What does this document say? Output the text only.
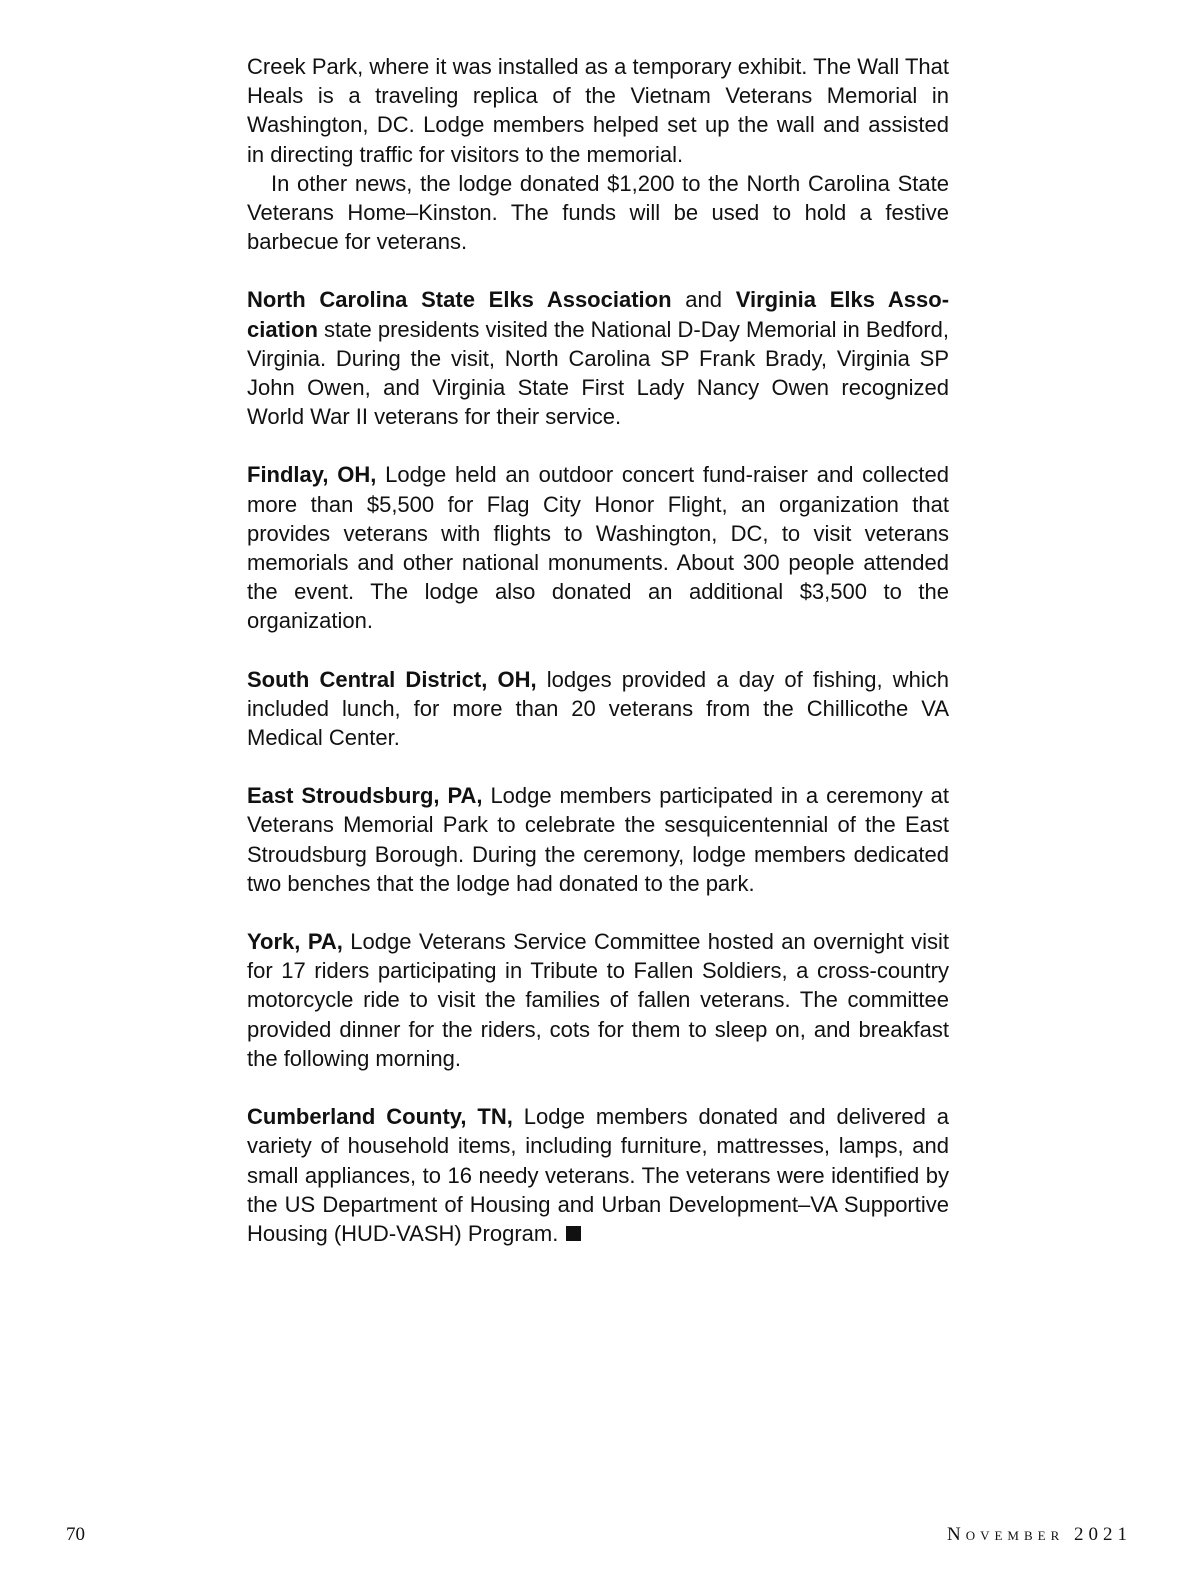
Creek Park, where it was installed as a temporary exhibit. The Wall That Heals is a traveling replica of the Vietnam Veterans Memorial in Washington, DC. Lodge members helped set up the wall and assisted in directing traffic for visitors to the memorial.

In other news, the lodge donated $1,200 to the North Carolina State Veterans Home–Kinston. The funds will be used to hold a festive barbecue for veterans.

North Carolina State Elks Association and Virginia Elks Association state presidents visited the National D-Day Memorial in Bedford, Virginia. During the visit, North Carolina SP Frank Brady, Virginia SP John Owen, and Virginia State First Lady Nancy Owen recognized World War II veterans for their service.

Findlay, OH, Lodge held an outdoor concert fund-raiser and collected more than $5,500 for Flag City Honor Flight, an organization that provides veterans with flights to Washington, DC, to visit veterans memorials and other national monuments. About 300 people attended the event. The lodge also donated an additional $3,500 to the organization.

South Central District, OH, lodges provided a day of fishing, which included lunch, for more than 20 veterans from the Chillicothe VA Medical Center.

East Stroudsburg, PA, Lodge members participated in a ceremony at Veterans Memorial Park to celebrate the sesquicentennial of the East Stroudsburg Borough. During the ceremony, lodge members dedicated two benches that the lodge had donated to the park.

York, PA, Lodge Veterans Service Committee hosted an overnight visit for 17 riders participating in Tribute to Fallen Soldiers, a cross-country motorcycle ride to visit the families of fallen veterans. The committee provided dinner for the riders, cots for them to sleep on, and breakfast the following morning.

Cumberland County, TN, Lodge members donated and delivered a variety of household items, including furniture, mattresses, lamps, and small appliances, to 16 needy veterans. The veterans were identified by the US Department of Housing and Urban Development–VA Supportive Housing (HUD-VASH) Program.

70	November 2021
